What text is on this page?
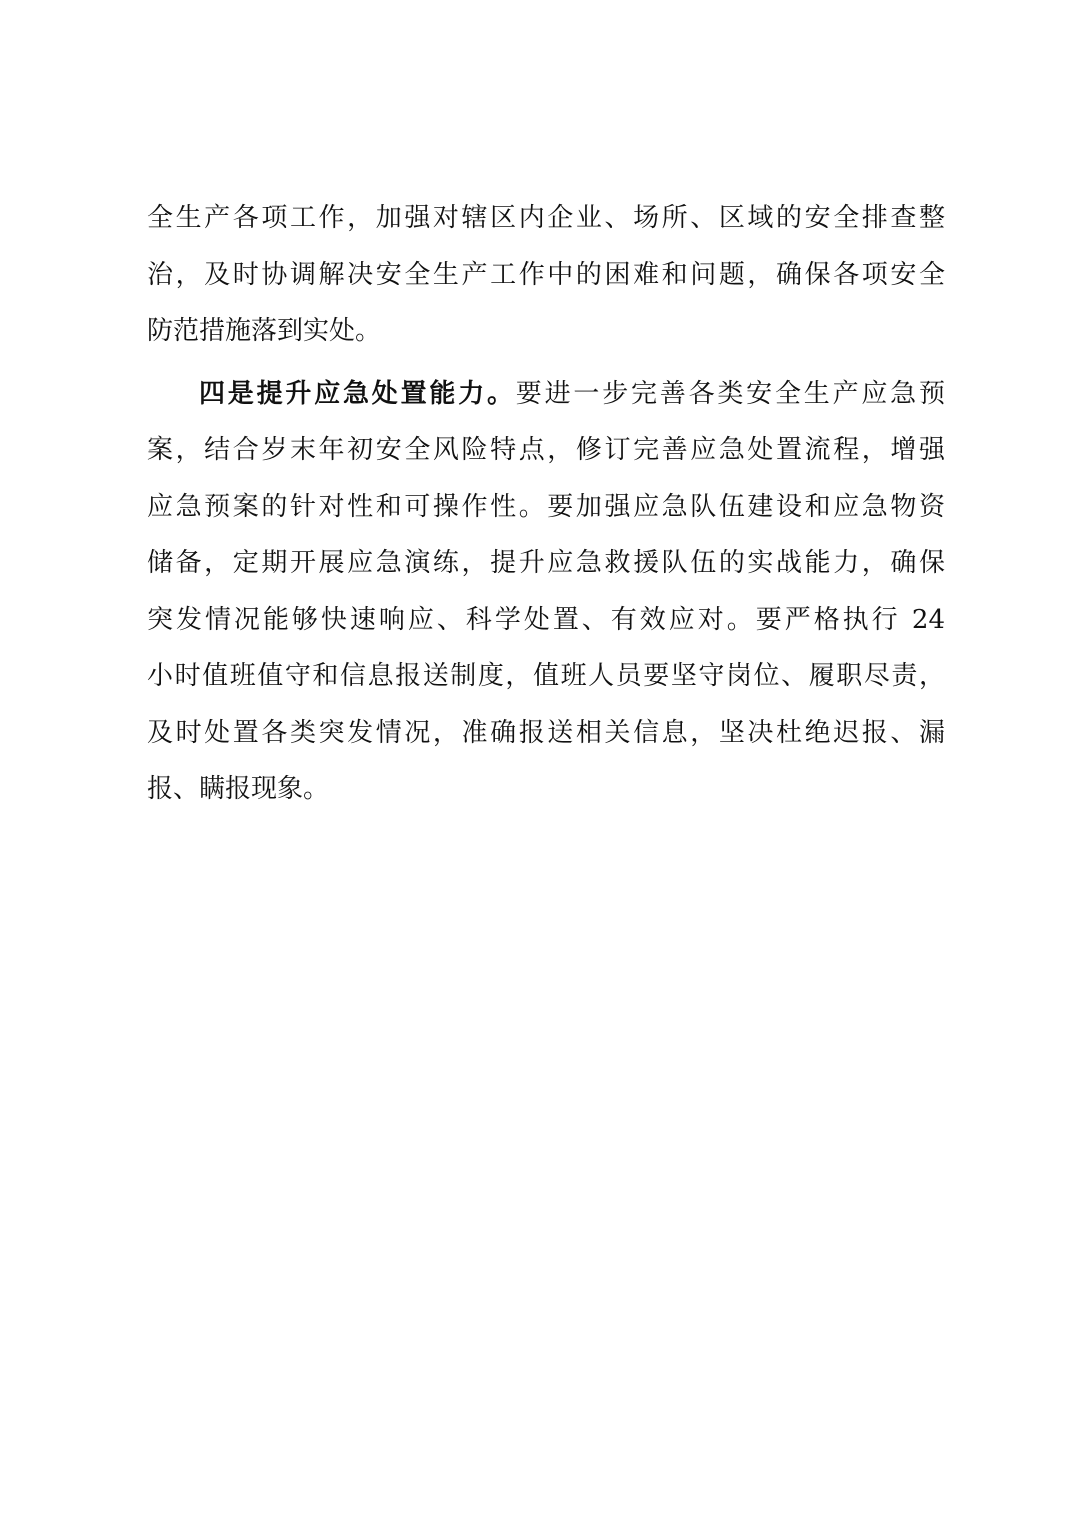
全生产各项工作，加强对辖区内企业、场所、区域的安全排查整
治，及时协调解决安全生产工作中的困难和问题，确保各项安全
防范措施落到实处。
四是提升应急处置能力。要进一步完善各类安全生产应急预
案，结合岁末年初安全风险特点，修订完善应急处置流程，增强
应急预案的针对性和可操作性。要加强应急队伍建设和应急物资
储备，定期开展应急演练，提升应急救援队伍的实战能力，确保
突发情况能够快速响应、科学处置、有效应对。要严格执行 24
小时值班值守和信息报送制度，值班人员要坚守岗位、履职尽责，
及时处置各类突发情况，准确报送相关信息，坚决杜绝迟报、漏
报、瞒报现象。
